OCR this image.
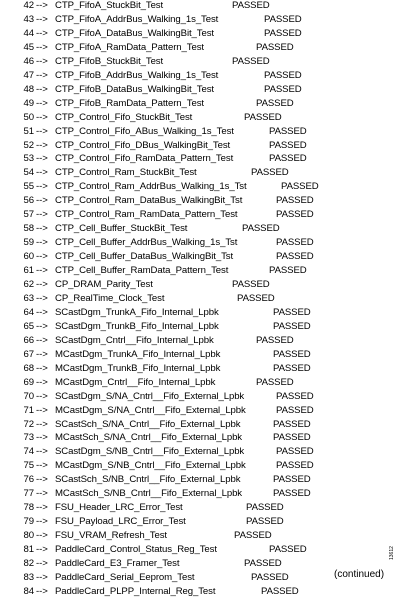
42 --> CTP_FifoA_StuckBit_Test	PASSED
43 --> CTP_FifoA_AddrBus_Walking_1s_Test	PASSED
44 --> CTP_FifoA_DataBus_WalkingBit_Test	PASSED
45 --> CTP_FifoA_RamData_Pattern_Test	PASSED
46 --> CTP_FifoB_StuckBit_Test	PASSED
47 --> CTP_FifoB_AddrBus_Walking_1s_Test	PASSED
48 --> CTP_FifoB_DataBus_WalkingBit_Test	PASSED
49 --> CTP_FifoB_RamData_Pattern_Test	PASSED
50 --> CTP_Control_Fifo_StuckBit_Test	PASSED
51 --> CTP_Control_Fifo_ABus_Walking_1s_Test	PASSED
52 --> CTP_Control_Fifo_DBus_WalkingBit_Test	PASSED
53 --> CTP_Control_Fifo_RamData_Pattern_Test	PASSED
54 --> CTP_Control_Ram_StuckBit_Test	PASSED
55 --> CTP_Control_Ram_AddrBus_Walking_1s_Tst	PASSED
56 --> CTP_Control_Ram_DataBus_WalkingBit_Tst	PASSED
57 --> CTP_Control_Ram_RamData_Pattern_Test	PASSED
58 --> CTP_Cell_Buffer_StuckBit_Test	PASSED
59 --> CTP_Cell_Buffer_AddrBus_Walking_1s_Tst	PASSED
60 --> CTP_Cell_Buffer_DataBus_WalkingBit_Tst	PASSED
61 --> CTP_Cell_Buffer_RamData_Pattern_Test	PASSED
62 --> CP_DRAM_Parity_Test	PASSED
63 --> CP_RealTime_Clock_Test	PASSED
64 --> SCastDgm_TrunkA_Fifo_Internal_Lpbk	PASSED
65 --> SCastDgm_TrunkB_Fifo_Internal_Lpbk	PASSED
66 --> SCastDgm_Cntrl__Fifo_Internal_Lpbk	PASSED
67 --> MCastDgm_TrunkA_Fifo_Internal_Lpbk	PASSED
68 --> MCastDgm_TrunkB_Fifo_Internal_Lpbk	PASSED
69 --> MCastDgm_Cntrl__Fifo_Internal_Lpbk	PASSED
70 --> SCastDgm_S/NA_Cntrl__Fifo_External_Lpbk	PASSED
71 --> MCastDgm_S/NA_Cntrl__Fifo_External_Lpbk	PASSED
72 --> SCastSch_S/NA_Cntrl__Fifo_External_Lpbk	PASSED
73 --> MCastSch_S/NA_Cntrl__Fifo_External_Lpbk	PASSED
74 --> SCastDgm_S/NB_Cntrl__Fifo_External_Lpbk	PASSED
75 --> MCastDgm_S/NB_Cntrl__Fifo_External_Lpbk	PASSED
76 --> SCastSch_S/NB_Cntrl__Fifo_External_Lpbk	PASSED
77 --> MCastSch_S/NB_Cntrl__Fifo_External_Lpbk	PASSED
78 --> FSU_Header_LRC_Error_Test	PASSED
79 --> FSU_Payload_LRC_Error_Test	PASSED
80 --> FSU_VRAM_Refresh_Test	PASSED
81 --> PaddleCard_Control_Status_Reg_Test	PASSED
82 --> PaddleCard_E3_Framer_Test	PASSED
83 --> PaddleCard_Serial_Eeprom_Test	PASSED
84 --> PaddleCard_PLPP_Internal_Reg_Test	PASSED
(continued)
13612
